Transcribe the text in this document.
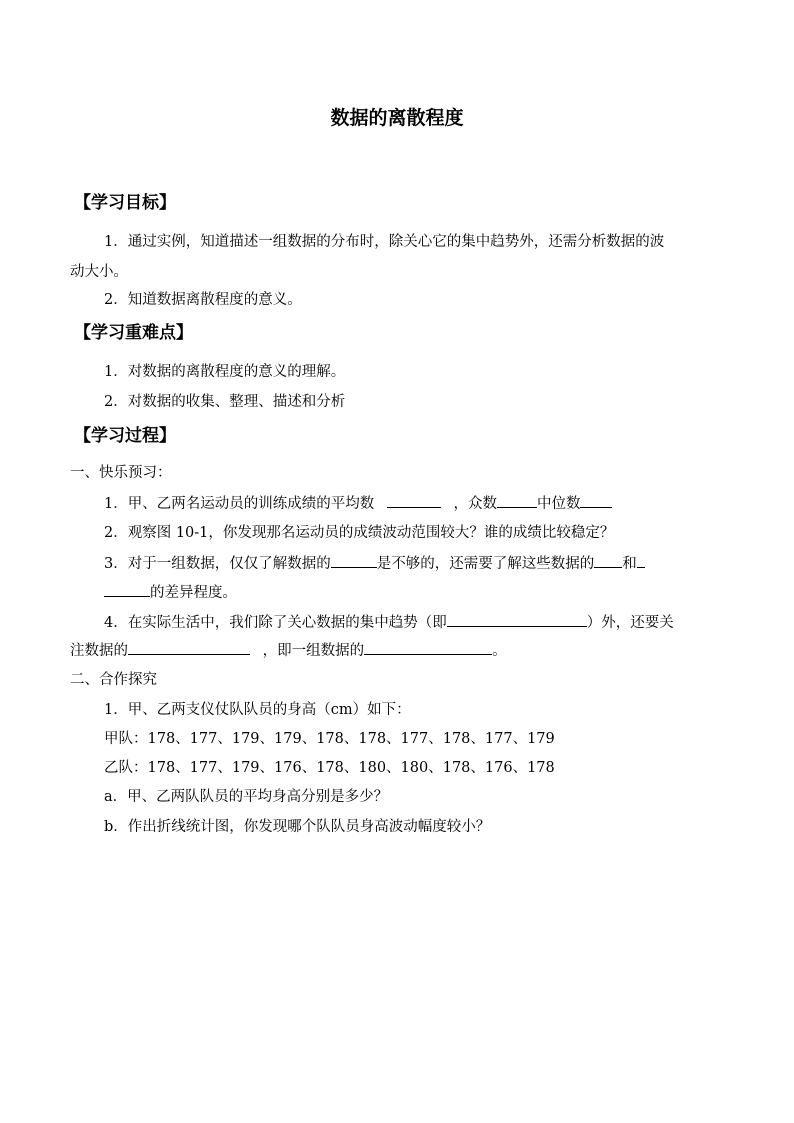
数据的离散程度
【学习目标】
1．通过实例，知道描述一组数据的分布时，除关心它的集中趋势外，还需分析数据的波
动大小。
2．知道数据离散程度的意义。
【学习重难点】
1．对数据的离散程度的意义的理解。
2．对数据的收集、整理、描述和分析
【学习过程】
一、快乐预习：
1．甲、乙两名运动员的训练成绩的平均数	，众数	中位数
2．观察图 10-1，你发现那名运动员的成绩波动范围较大？谁的成绩比较稳定？
3．对于一组数据，仅仅了解数据的	是不够的，还需要了解这些数据的 和
的差异程度。
4．在实际生活中，我们除了关心数据的集中趋势（即	）外，还要关
注数据的	，即一组数据的	。
二、合作探究
1．甲、乙两支仪仗队队员的身高（cm）如下：
甲队：178、177、179、179、178、178、177、178、177、179
乙队：178、177、179、176、178、180、180、178、176、178
a．甲、乙两队队员的平均身高分别是多少？
b．作出折线统计图，你发现哪个队队员身高波动幅度较小？
